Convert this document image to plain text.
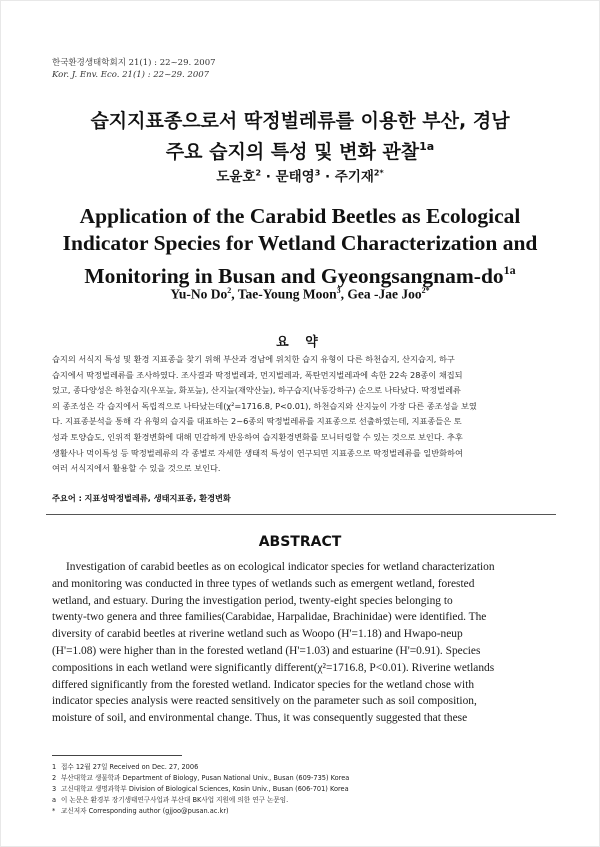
한국환경생태학회지 21(1) : 22~29. 2007
Kor. J. Env. Eco. 21(1) : 22~29. 2007
습지지표종으로서 딱정벌레류를 이용한 부산, 경남
주요 습지의 특성 및 변화 관찰$^{1a}$
도윤호$^2$ · 문태영$^3$ · 주기재$^{2*}$
Application of the Carabid Beetles as Ecological
Indicator Species for Wetland Characterization and
Monitoring in Busan and Gyeongsangnam-$do^{1a}$
Yu-No Do$^2$, Tae-Young Moon$^3$, Gea -Jae Joo$^{2*}$
요 약
습지의 서식지 특성 및 환경 지표종을 찾기 위해 부산과 경남에 위치한 습지 유형이 다른 하천습지, 산지습지, 하구
습지에서 딱정벌레류를 조사하였다. 조사결과 딱정벌레과, 먼지벌레과, 폭탄먼지벌레과에 속한 22속 28종이 채집되
었고, 종다양성은 하천습지(우포늪, 화포늪), 산지늪(재약산늪), 하구습지(낙동강하구) 순으로 나타났다. 딱정벌레류
의 종조성은 각 습지에서 독립적으로 나타났는데(χ²=1716.8, P<0.01), 하천습지와 산지늪이 가장 다른 종조성을 보였
다. 지표종분석을 통해 각 유형의 습지를 대표하는 2~6종의 딱정벌레류를 지표종으로 선출하였는데, 지표종들은 토
성과 토양습도, 인위적 환경변화에 대해 민감하게 반응하여 습지환경변화를 모니터링할 수 있는 것으로 보인다. 추후
생활사나 먹이특성 등 딱정벌레류의 각 종별로 자세한 생태적 특성이 연구되면 지표종으로 딱정벌레류를 일반화하여
여러 서식지에서 활용할 수 있을 것으로 보인다.
주요어 : 지표성딱정벌레류, 생태지표종, 환경변화
ABSTRACT
Investigation of carabid beetles as on ecological indicator species for wetland characterization
and monitoring was conducted in three types of wetlands such as emergent wetland, forested
wetland, and estuary. During the investigation period, twenty-eight species belonging to
twenty-two genera and three families(Carabidae, Harpalidae, Brachinidae) were identified. The
diversity of carabid beetles at riverine wetland such as Woopo (H'=1.18) and Hwapo-neup
(H'=1.08) were higher than in the forested wetland (H'=1.03) and estuarine (H'=0.91). Species
compositions in each wetland were significantly different(χ²=1716.8, P<0.01). Riverine wetlands
differed significantly from the forested wetland. Indicator species for the wetland chose with
indicator species analysis were reacted sensitively on the parameter such as soil composition,
moisture of soil, and environmental change. Thus, it was consequently suggested that these
1 접수 12월 27일 Received on Dec. 27, 2006
2 부산대학교 생물학과 Department of Biology, Pusan National Univ., Busan (609-735) Korea
3 고신대학교 생명과학부 Division of Biological Sciences, Kosin Univ., Busan (606-701) Korea
a 이 논문은 환경부 장기생태연구사업과 부산대 BK사업 지원에 의한 연구 논문임.
* 교신저자 Corresponding author (gjjoo@pusan.ac.kr)
